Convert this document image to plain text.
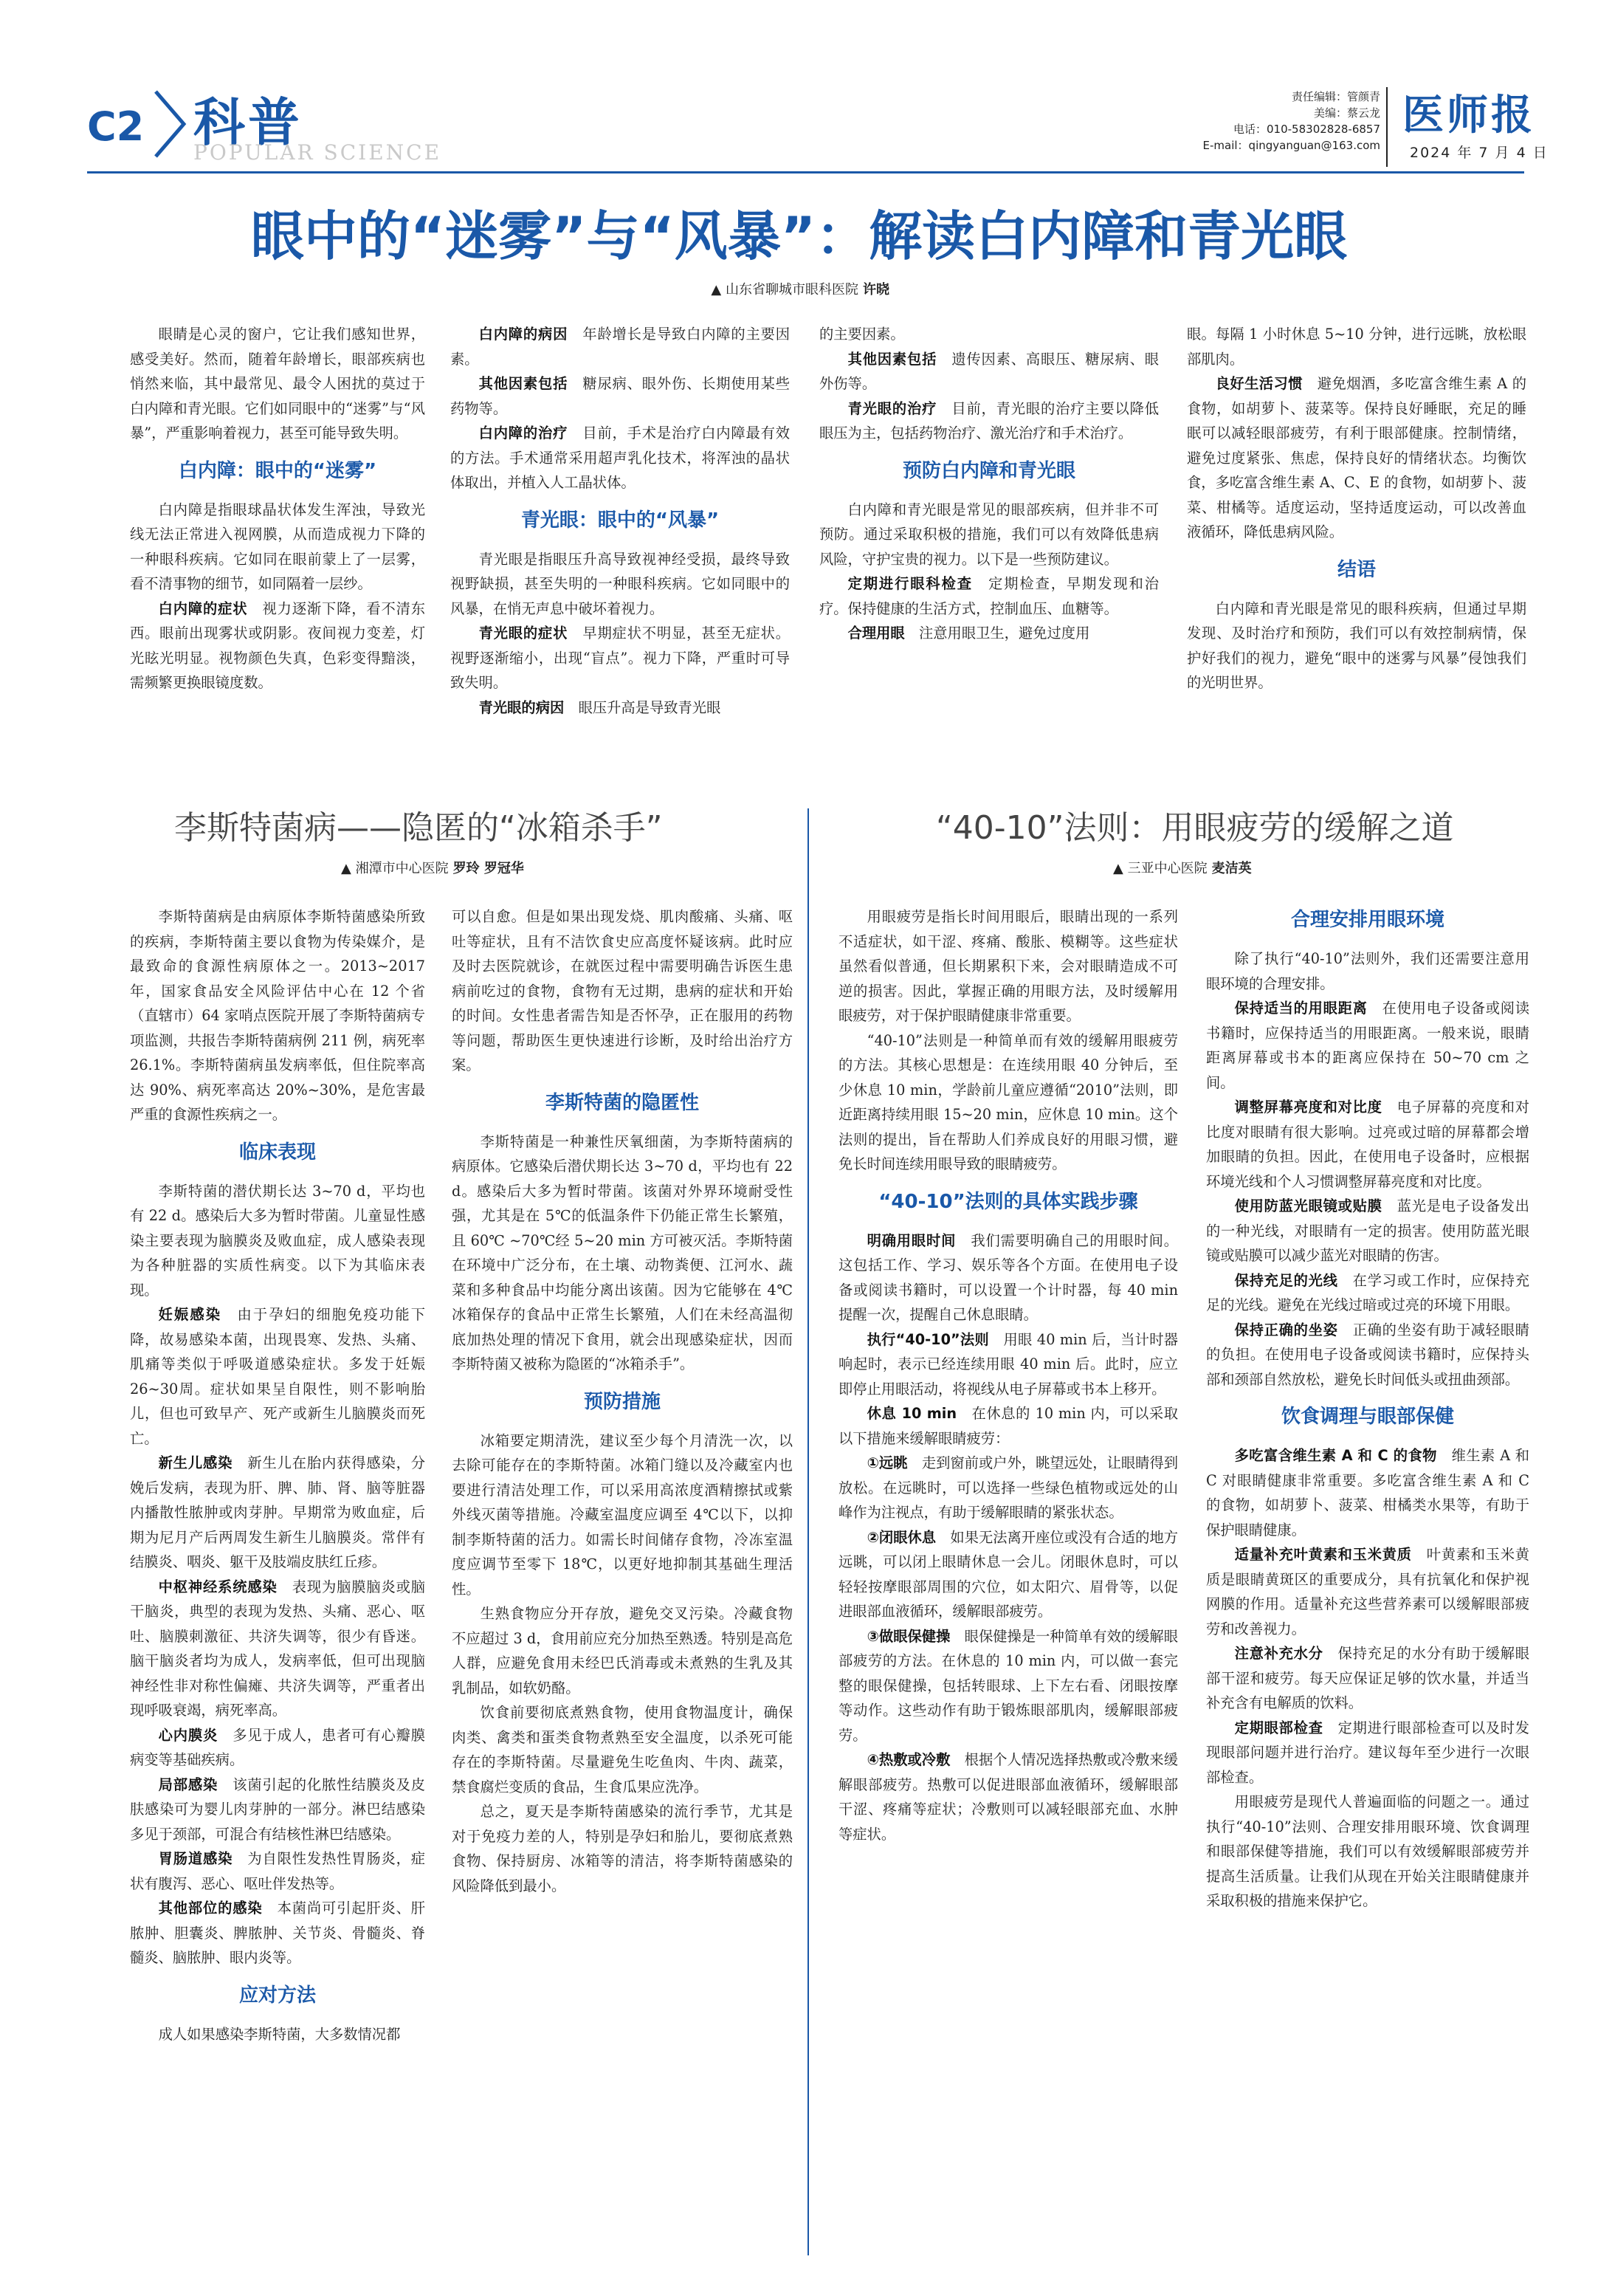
C2 科普
POPULAR SCIENCE
责任编辑：管颜青
美编：蔡云龙
电话：010-58302828-6857
E-mail：qingyanguan@163.com
医师报
2024 年 7 月 4 日
眼中的“迷雾”与“风暴”：解读白内障和青光眼
▲ 山东省聊城市眼科医院 许晓

眼睛是心灵的窗户，它让我们感知世界，感受美好。然而，随着年龄增长，眼部疾病也悄然来临，其中最常见、最令人困扰的莫过于白内障和青光眼。它们如同眼中的“迷雾”与“风暴”，严重影响着视力，甚至可能导致失明。

白内障：眼中的“迷雾”

白内障是指眼球晶状体发生浑浊，导致光线无法正常进入视网膜，从而造成视力下降的一种眼科疾病。它如同在眼前蒙上了一层雾，看不清事物的细节，如同隔着一层纱。

白内障的症状　 视力逐渐下降，看不清东西。眼前出现雾状或阴影。夜间视力变差，灯光眩光明显。视物颜色失真，色彩变得黯淡，需频繁更换眼镜度数。

白内障的病因　 年龄增长是导致白内障的主要因素。

其他因素包括　 糖尿病、眼外伤、长期使用某些药物等。

白内障的治疗　 目前，手术是治疗白内障最有效的方法。手术通常采用超声乳化技术，将浑浊的晶状体取出，并植入人工晶状体。

青光眼：眼中的“风暴”

青光眼是指眼压升高导致视神经受损，最终导致视野缺损，甚至失明的一种眼科疾病。它如同眼中的风暴，在悄无声息中破坏着视力。

青光眼的症状　 早期症状不明显，甚至无症状。视野逐渐缩小，出现“盲点”。视力下降，严重时可导致失明。

青光眼的病因　 眼压升高是导致青光眼

的主要因素。

其他因素包括　 遗传因素、高眼压、糖尿病、眼外伤等。

青光眼的治疗　 目前，青光眼的治疗主要以降低眼压为主，包括药物治疗、激光治疗和手术治疗。

预防白内障和青光眼

白内障和青光眼是常见的眼部疾病，但并非不可预防。通过采取积极的措施，我们可以有效降低患病风险，守护宝贵的视力。以下是一些预防建议。

定期进行眼科检查　 定期检查，早期发现和治疗。保持健康的生活方式，控制血压、血糖等。

合理用眼　 注意用眼卫生，避免过度用

眼。每隔 1 小时休息 5~10 分钟，进行远眺，放松眼部肌肉。

良好生活习惯　 避免烟酒，多吃富含维生素 A 的食物，如胡萝卜、菠菜等。保持良好睡眠，充足的睡眠可以减轻眼部疲劳，有利于眼部健康。控制情绪，避免过度紧张、焦虑，保持良好的情绪状态。均衡饮食，多吃富含维生素 A、C、E 的食物，如胡萝卜、菠菜、柑橘等。适度运动，坚持适度运动，可以改善血液循环，降低患病风险。

结语

白内障和青光眼是常见的眼科疾病，但通过早期发现、及时治疗和预防，我们可以有效控制病情，保护好我们的视力，避免“眼中的迷雾与风暴”侵蚀我们的光明世界。

李斯特菌病——隐匿的“冰箱杀手”
▲ 湘潭市中心医院 罗玲 罗冠华

李斯特菌病是由病原体李斯特菌感染所致的疾病，李斯特菌主要以食物为传染媒介，是最致命的食源性病原体之一。2013~2017 年，国家食品安全风险评估中心在 12 个省（直辖市）64 家哨点医院开展了李斯特菌病专项监测，共报告李斯特菌病例 211 例，病死率 26.1%。李斯特菌病虽发病率低，但住院率高达 90%、病死率高达 20%~30%，是危害最严重的食源性疾病之一。

临床表现

李斯特菌的潜伏期长达 3~70 d，平均也有 22 d。感染后大多为暂时带菌。儿童显性感染主要表现为脑膜炎及败血症，成人感染表现为各种脏器的实质性病变。以下为其临床表现。

妊娠感染　 由于孕妇的细胞免疫功能下降，故易感染本菌，出现畏寒、发热、头痛、肌痛等类似于呼吸道感染症状。多发于妊娠 26~30周。症状如果呈自限性，则不影响胎儿，但也可致早产、死产或新生儿脑膜炎而死亡。

新生儿感染　 新生儿在胎内获得感染，分娩后发病，表现为肝、脾、肺、肾、脑等脏器内播散性脓肿或肉芽肿。早期常为败血症，后期为尼月产后两周发生新生儿脑膜炎。常伴有结膜炎、咽炎、躯干及肢端皮肤红丘疹。

中枢神经系统感染　 表现为脑膜脑炎或脑干脑炎，典型的表现为发热、头痛、恶心、呕吐、脑膜刺激征、共济失调等，很少有昏迷。脑干脑炎者均为成人，发病率低，但可出现脑神经性非对称性偏瘫、共济失调等，严重者出现呼吸衰竭，病死率高。

心内膜炎　 多见于成人，患者可有心瓣膜病变等基础疾病。

局部感染　 该菌引起的化脓性结膜炎及皮肤感染可为婴儿肉芽肿的一部分。淋巴结感染多见于颈部，可混合有结核性淋巴结感染。

胃肠道感染　 为自限性发热性胃肠炎，症状有腹泻、恶心、呕吐伴发热等。

其他部位的感染　 本菌尚可引起肝炎、肝脓肿、胆囊炎、脾脓肿、关节炎、骨髓炎、脊髓炎、脑脓肿、眼内炎等。

应对方法

成人如果感染李斯特菌，大多数情况都

可以自愈。但是如果出现发烧、肌肉酸痛、头痛、呕吐等症状，且有不洁饮食史应高度怀疑该病。此时应及时去医院就诊，在就医过程中需要明确告诉医生患病前吃过的食物，食物有无过期，患病的症状和开始的时间。女性患者需告知是否怀孕，正在服用的药物等问题，帮助医生更快速进行诊断，及时给出治疗方案。

李斯特菌的隐匿性

李斯特菌是一种兼性厌氧细菌，为李斯特菌病的病原体。它感染后潜伏期长达 3~70 d，平均也有 22 d。感染后大多为暂时带菌。该菌对外界环境耐受性强，尤其是在 5℃的低温条件下仍能正常生长繁殖，且 60℃ ~70℃经 5~20 min 方可被灭活。李斯特菌在环境中广泛分布，在土壤、动物粪便、江河水、蔬菜和多种食品中均能分离出该菌。因为它能够在 4℃冰箱保存的食品中正常生长繁殖，人们在未经高温彻底加热处理的情况下食用，就会出现感染症状，因而李斯特菌又被称为隐匿的“冰箱杀手”。

预防措施

冰箱要定期清洗，建议至少每个月清洗一次，以去除可能存在的李斯特菌。冰箱门缝以及冷藏室内也要进行清洁处理工作，可以采用高浓度酒精擦拭或紫外线灭菌等措施。冷藏室温度应调至 4℃以下，以抑制李斯特菌的活力。如需长时间储存食物，冷冻室温度应调节至零下 18℃，以更好地抑制其基础生理活性。

生熟食物应分开存放，避免交叉污染。冷藏食物不应超过 3 d，食用前应充分加热至熟透。特别是高危人群，应避免食用未经巴氏消毒或未煮熟的生乳及其乳制品，如软奶酪。

饮食前要彻底煮熟食物，使用食物温度计，确保肉类、禽类和蛋类食物煮熟至安全温度，以杀死可能存在的李斯特菌。尽量避免生吃鱼肉、牛肉、蔬菜，禁食腐烂变质的食品，生食瓜果应洗净。

总之，夏天是李斯特菌感染的流行季节，尤其是对于免疫力差的人，特别是孕妇和胎儿，要彻底煮熟食物、保持厨房、冰箱等的清洁，将李斯特菌感染的风险降低到最小。

“40-10”法则：用眼疲劳的缓解之道
▲ 三亚中心医院 麦洁英

用眼疲劳是指长时间用眼后，眼睛出现的一系列不适症状，如干涩、疼痛、酸胀、模糊等。这些症状虽然看似普通，但长期累积下来，会对眼睛造成不可逆的损害。因此，掌握正确的用眼方法，及时缓解用眼疲劳，对于保护眼睛健康非常重要。

“40-10”法则是一种简单而有效的缓解用眼疲劳的方法。其核心思想是：在连续用眼 40 分钟后，至少休息 10 min，学龄前儿童应遵循“2010”法则，即近距离持续用眼 15~20 min，应休息 10 min。这个法则的提出，旨在帮助人们养成良好的用眼习惯，避免长时间连续用眼导致的眼睛疲劳。

“40-10”法则的具体实践步骤

明确用眼时间　 我们需要明确自己的用眼时间。这包括工作、学习、娱乐等各个方面。在使用电子设备或阅读书籍时，可以设置一个计时器，每 40 min 提醒一次，提醒自己休息眼睛。

执行“40-10”法则　 用眼 40 min 后，当计时器响起时，表示已经连续用眼 40 min 后。此时，应立即停止用眼活动，将视线从电子屏幕或书本上移开。

休息 10 min　 在休息的 10 min 内，可以采取以下措施来缓解眼睛疲劳：

①远眺　 走到窗前或户外，眺望远处，让眼睛得到放松。在远眺时，可以选择一些绿色植物或远处的山峰作为注视点，有助于缓解眼睛的紧张状态。

②闭眼休息　 如果无法离开座位或没有合适的地方远眺，可以闭上眼睛休息一会儿。闭眼休息时，可以轻轻按摩眼部周围的穴位，如太阳穴、眉骨等，以促进眼部血液循环，缓解眼部疲劳。

③做眼保健操　 眼保健操是一种简单有效的缓解眼部疲劳的方法。在休息的 10 min 内，可以做一套完整的眼保健操，包括转眼球、上下左右看、闭眼按摩等动作。这些动作有助于锻炼眼部肌肉，缓解眼部疲劳。

④热敷或冷敷　 根据个人情况选择热敷或冷敷来缓解眼部疲劳。热敷可以促进眼部血液循环，缓解眼部干涩、疼痛等症状；冷敷则可以减轻眼部充血、水肿等症状。

合理安排用眼环境

除了执行“40-10”法则外，我们还需要注意用眼环境的合理安排。

保持适当的用眼距离　 在使用电子设备或阅读书籍时，应保持适当的用眼距离。一般来说，眼睛距离屏幕或书本的距离应保持在 50~70 cm 之间。

调整屏幕亮度和对比度　 电子屏幕的亮度和对比度对眼睛有很大影响。过亮或过暗的屏幕都会增加眼睛的负担。因此，在使用电子设备时，应根据环境光线和个人习惯调整屏幕亮度和对比度。

使用防蓝光眼镜或贴膜　 蓝光是电子设备发出的一种光线，对眼睛有一定的损害。使用防蓝光眼镜或贴膜可以减少蓝光对眼睛的伤害。

保持充足的光线　 在学习或工作时，应保持充足的光线。避免在光线过暗或过亮的环境下用眼。

保持正确的坐姿　 正确的坐姿有助于减轻眼睛的负担。在使用电子设备或阅读书籍时，应保持头部和颈部自然放松，避免长时间低头或扭曲颈部。

饮食调理与眼部保健

多吃富含维生素 A 和 C 的食物　 维生素 A 和 C 对眼睛健康非常重要。多吃富含维生素 A 和 C 的食物，如胡萝卜、菠菜、柑橘类水果等，有助于保护眼睛健康。

适量补充叶黄素和玉米黄质　 叶黄素和玉米黄质是眼睛黄斑区的重要成分，具有抗氧化和保护视网膜的作用。适量补充这些营养素可以缓解眼部疲劳和改善视力。

注意补充水分　 保持充足的水分有助于缓解眼部干涩和疲劳。每天应保证足够的饮水量，并适当补充含有电解质的饮料。

定期眼部检查　 定期进行眼部检查可以及时发现眼部问题并进行治疗。建议每年至少进行一次眼部检查。

用眼疲劳是现代人普遍面临的问题之一。通过执行“40-10”法则、合理安排用眼环境、饮食调理和眼部保健等措施，我们可以有效缓解眼部疲劳并提高生活质量。让我们从现在开始关注眼睛健康并采取积极的措施来保护它。
